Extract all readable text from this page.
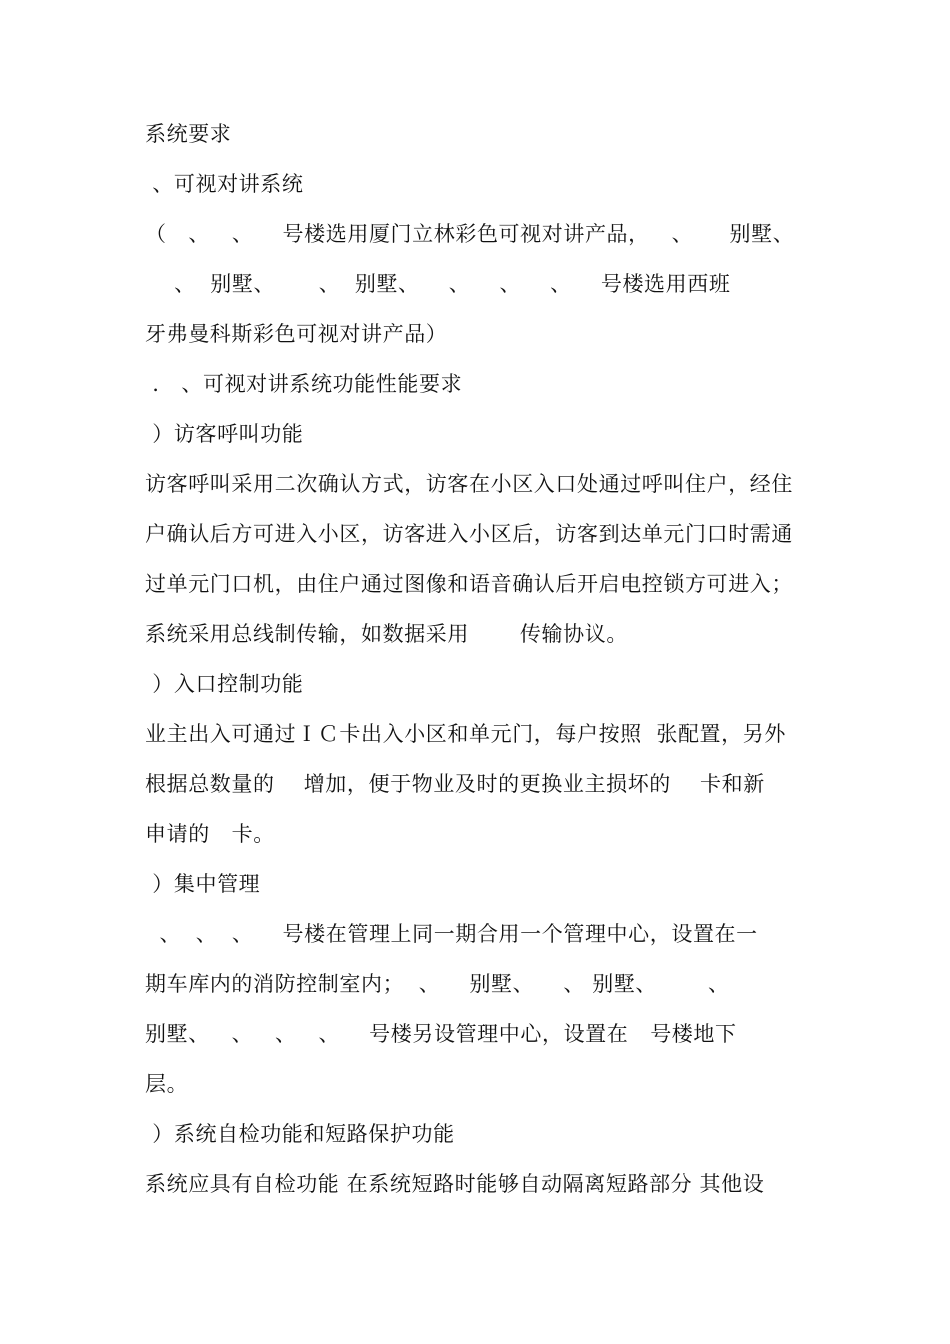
系统要求

、可视对讲系统

（   、   、    号楼选用厦门立林彩色可视对讲产品，   、     别墅、

、  别墅、      、  别墅、    、    、    、    号楼选用西班

牙弗曼科斯彩色可视对讲产品）

.   、可视对讲系统功能性能要求

）访客呼叫功能

访客呼叫采用二次确认方式，访客在小区入口处通过呼叫住户，经住

户确认后方可进入小区，访客进入小区后，访客到达单元门口时需通

过单元门口机，由住户通过图像和语音确认后开启电控锁方可进入；

系统采用总线制传输，如数据采用       传输协议。

）入口控制功能

业主出入可通过ＩＣ卡出入小区和单元门，每户按照  张配置，另外

根据总数量的    增加，便于物业及时的更换业主损坏的    卡和新

申请的   卡。

）集中管理

、  、  、    号楼在管理上同一期合用一个管理中心，设置在一

期车库内的消防控制室内；  、    别墅、    、 别墅、       、

别墅、   、   、   、    号楼另设管理中心，设置在   号楼地下

层。

）系统自检功能和短路保护功能

系统应具有自检功能 在系统短路时能够自动隔离短路部分 其他设
